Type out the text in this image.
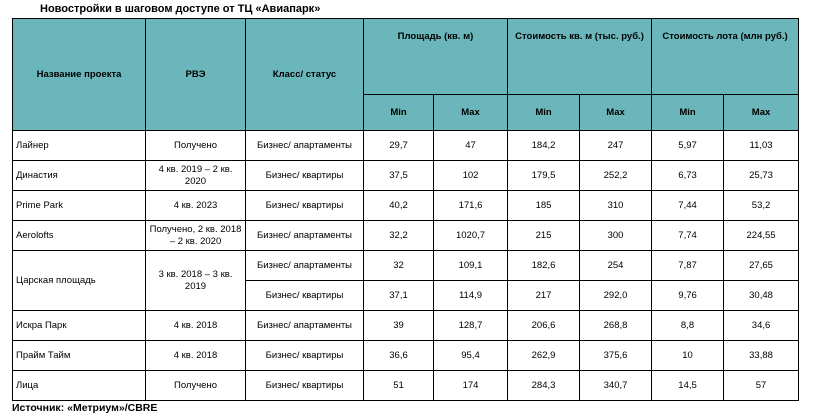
Новостройки в шаговом доступе от ТЦ «Авиапарк»
Название проекта	РВЭ	Класс/ статус	Площадь (кв. м)		Стоимость кв. м (тыс. руб.)		Стоимость лота (млн руб.)	
			Min	Max	Min	Max	Min	Max
Лайнер	Получено	Бизнес/ апартаменты	29,7	47	184,2	247	5,97	11,03
Династия	4 кв. 2019 – 2 кв. 2020	Бизнес/ квартиры	37,5	102	179,5	252,2	6,73	25,73
Prime Park	4 кв. 2023	Бизнес/ квартиры	40,2	171,6	185	310	7,44	53,2
Aerolofts	Получено, 2 кв. 2018 – 2 кв. 2020	Бизнес/ апартаменты	32,2	1020,7	215	300	7,74	224,55
Царская площадь	3 кв. 2018 – 3 кв. 2019	Бизнес/ апартаменты	32	109,1	182,6	254	7,87	27,65
		Бизнес/ квартиры	37,1	114,9	217	292,0	9,76	30,48
Искра Парк	4 кв. 2018	Бизнес/ апартаменты	39	128,7	206,6	268,8	8,8	34,6
Прайм Тайм	4 кв. 2018	Бизнес/ квартиры	36,6	95,4	262,9	375,6	10	33,88
Лица	Получено	Бизнес/ квартиры	51	174	284,3	340,7	14,5	57
Источник: «Метриум»/CBRE
